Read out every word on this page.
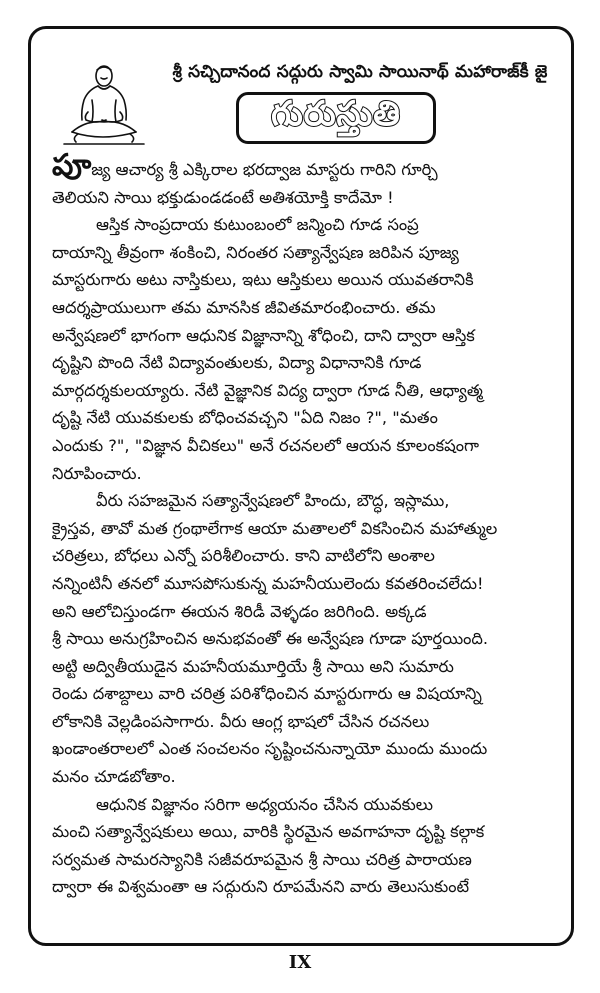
శ్రీ సచ్చిదానంద సద్గురు స్వామి సాయినాథ్ మహారాజ్‌కీ జై
గురుస్తుతి
పూజ్య ఆచార్య శ్రీ ఎక్కిరాల భరద్వాజ మాస్టరు గారిని గూర్చి
తెలియని సాయి భక్తుడుండడంటే అతిశయోక్తి కాదేమో !
ఆస్తిక సాంప్రదాయ కుటుంబంలో జన్మించి గూడ సంప్ర
దాయాన్ని తీవ్రంగా శంకించి, నిరంతర సత్యాన్వేషణ జరిపిన పూజ్య
మాస్టరుగారు అటు నాస్తికులు, ఇటు ఆస్తికులు అయిన యువతరానికి
ఆదర్శప్రాయులుగా తమ మానసిక జీవితమారంభించారు. తమ
అన్వేషణలో భాగంగా ఆధునిక విజ్ఞానాన్ని శోధించి, దాని ద్వారా ఆస్తిక
దృష్టిని పొంది నేటి విద్యావంతులకు, విద్యా విధానానికి గూడ
మార్గదర్శకులయ్యారు. నేటి వైజ్ఞానిక విద్య ద్వారా గూడ నీతి, ఆధ్యాత్మ
దృష్టి నేటి యువకులకు బోధించవచ్చని "ఏది నిజం ?", "మతం
ఎందుకు ?", "విజ్ఞాన వీచికలు" అనే రచనలలో ఆయన కూలంకషంగా
నిరూపించారు.
వీరు సహజమైన సత్యాన్వేషణలో హిందు, బౌద్ధ, ఇస్లాము,
క్రైస్తవ, తావో మత గ్రంథాలేగాక ఆయా మతాలలో వికసించిన మహాత్ముల
చరిత్రలు, బోధలు ఎన్నో పరిశీలించారు. కాని వాటిలోని అంశాల
నన్నింటినీ తనలో మూసపోసుకున్న మహనీయులెందు కవతరించలేదు!
అని ఆలోచిస్తుండగా ఈయన శిరిడీ వెళ్ళడం జరిగింది. అక్కడ
శ్రీ సాయి అనుగ్రహించిన అనుభవంతో ఈ అన్వేషణ గూడా పూర్తయింది.
అట్టి అద్వితీయుడైన మహనీయమూర్తియే శ్రీ సాయి అని సుమారు
రెండు దశాబ్దాలు వారి చరిత్ర పరిశోధించిన మాస్టరుగారు ఆ విషయాన్ని
లోకానికి వెల్లడింపసాగారు. వీరు ఆంగ్ల భాషలో చేసిన రచనలు
ఖండాంతరాలలో ఎంత సంచలనం సృష్టించనున్నాయో ముందు ముందు
మనం చూడబోతాం.
ఆధునిక విజ్ఞానం సరిగా అధ్యయనం చేసిన యువకులు
మంచి సత్యాన్వేషకులు అయి, వారికి స్థిరమైన అవగాహనా దృష్టి కల్గాక
సర్వమత సామరస్యానికి సజీవరూపమైన శ్రీ సాయి చరిత్ర పారాయణ
ద్వారా ఈ విశ్వమంతా ఆ సద్గురుని రూపమేనని వారు తెలుసుకుంటే
IX
